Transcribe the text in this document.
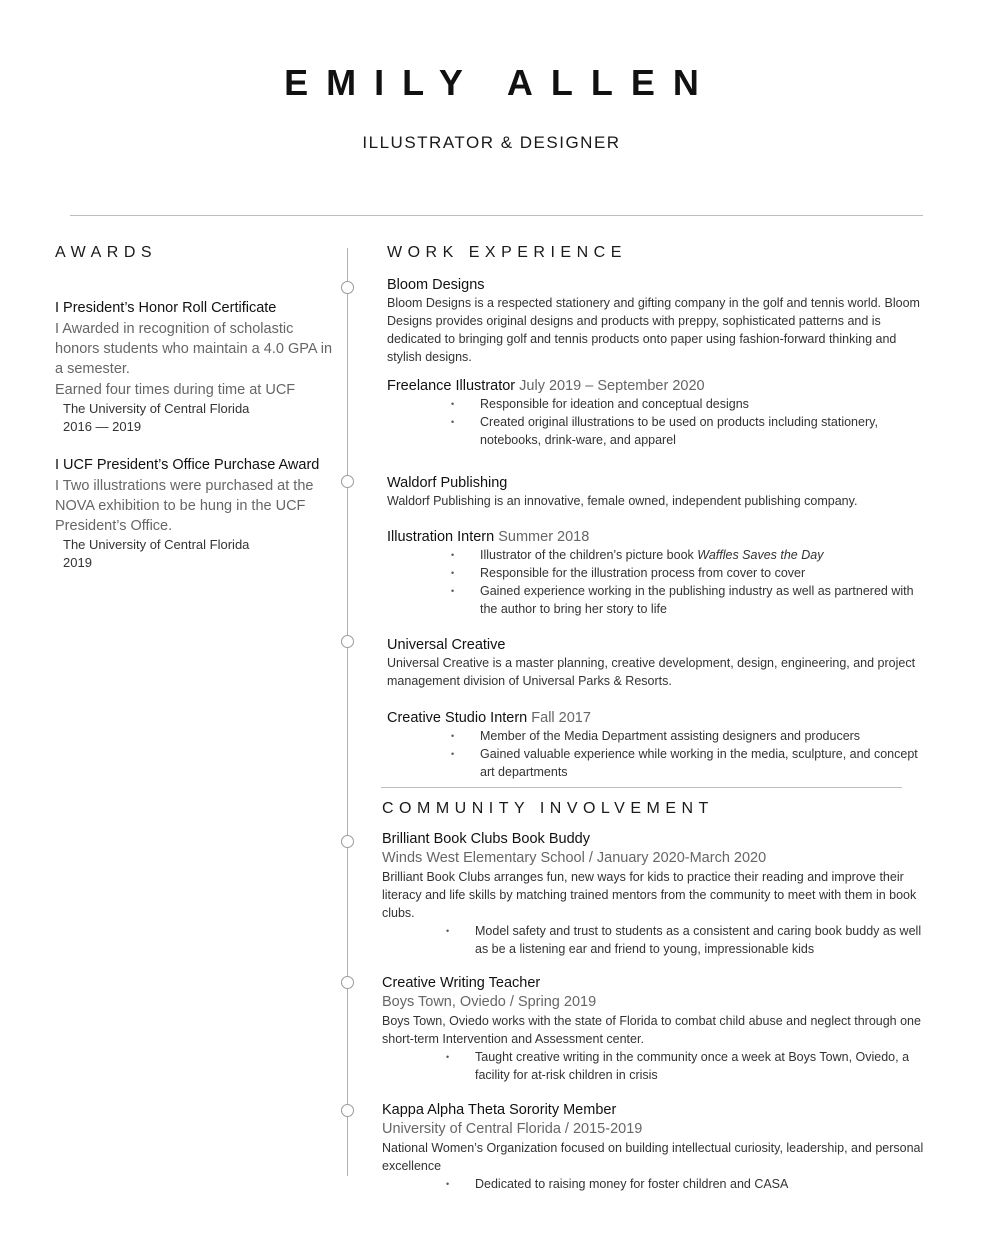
EMILY ALLEN
ILLUSTRATOR & DESIGNER
AWARDS
I President’s Honor Roll Certificate
I Awarded in recognition of scholastic honors students who maintain a 4.0 GPA in a semester.
Earned four times during time at UCF
The University of Central Florida
2016 — 2019
I UCF President’s Office Purchase Award
I Two illustrations were purchased at the NOVA exhibition to be hung in the UCF President’s Office.
The University of Central Florida
2019
WORK EXPERIENCE
Bloom Designs
Bloom Designs is a respected stationery and gifting company in the golf and tennis world. Bloom Designs provides original designs and products with preppy, sophisticated patterns and is dedicated to bringing golf and tennis products onto paper using fashion-forward thinking and stylish designs.
Freelance Illustrator July 2019 – September 2020
• Responsible for ideation and conceptual designs
• Created original illustrations to be used on products including stationery, notebooks, drink-ware, and apparel
Waldorf Publishing
Waldorf Publishing is an innovative, female owned, independent publishing company.
Illustration Intern Summer 2018
• Illustrator of the children’s picture book Waffles Saves the Day
• Responsible for the illustration process from cover to cover
• Gained experience working in the publishing industry as well as partnered with the author to bring her story to life
Universal Creative
Universal Creative is a master planning, creative development, design, engineering, and project management division of Universal Parks & Resorts.
Creative Studio Intern Fall 2017
• Member of the Media Department assisting designers and producers
• Gained valuable experience while working in the media, sculpture, and concept art departments
COMMUNITY INVOLVEMENT
Brilliant Book Clubs Book Buddy
Winds West Elementary School / January 2020-March 2020
Brilliant Book Clubs arranges fun, new ways for kids to practice their reading and improve their literacy and life skills by matching trained mentors from the community to meet with them in book clubs.
• Model safety and trust to students as a consistent and caring book buddy as well as be a listening ear and friend to young, impressionable kids
Creative Writing Teacher
Boys Town, Oviedo / Spring 2019
Boys Town, Oviedo works with the state of Florida to combat child abuse and neglect through one short-term Intervention and Assessment center.
• Taught creative writing in the community once a week at Boys Town, Oviedo, a facility for at-risk children in crisis
Kappa Alpha Theta Sorority Member
University of Central Florida / 2015-2019
National Women’s Organization focused on building intellectual curiosity, leadership, and personal excellence
• Dedicated to raising money for foster children and CASA
